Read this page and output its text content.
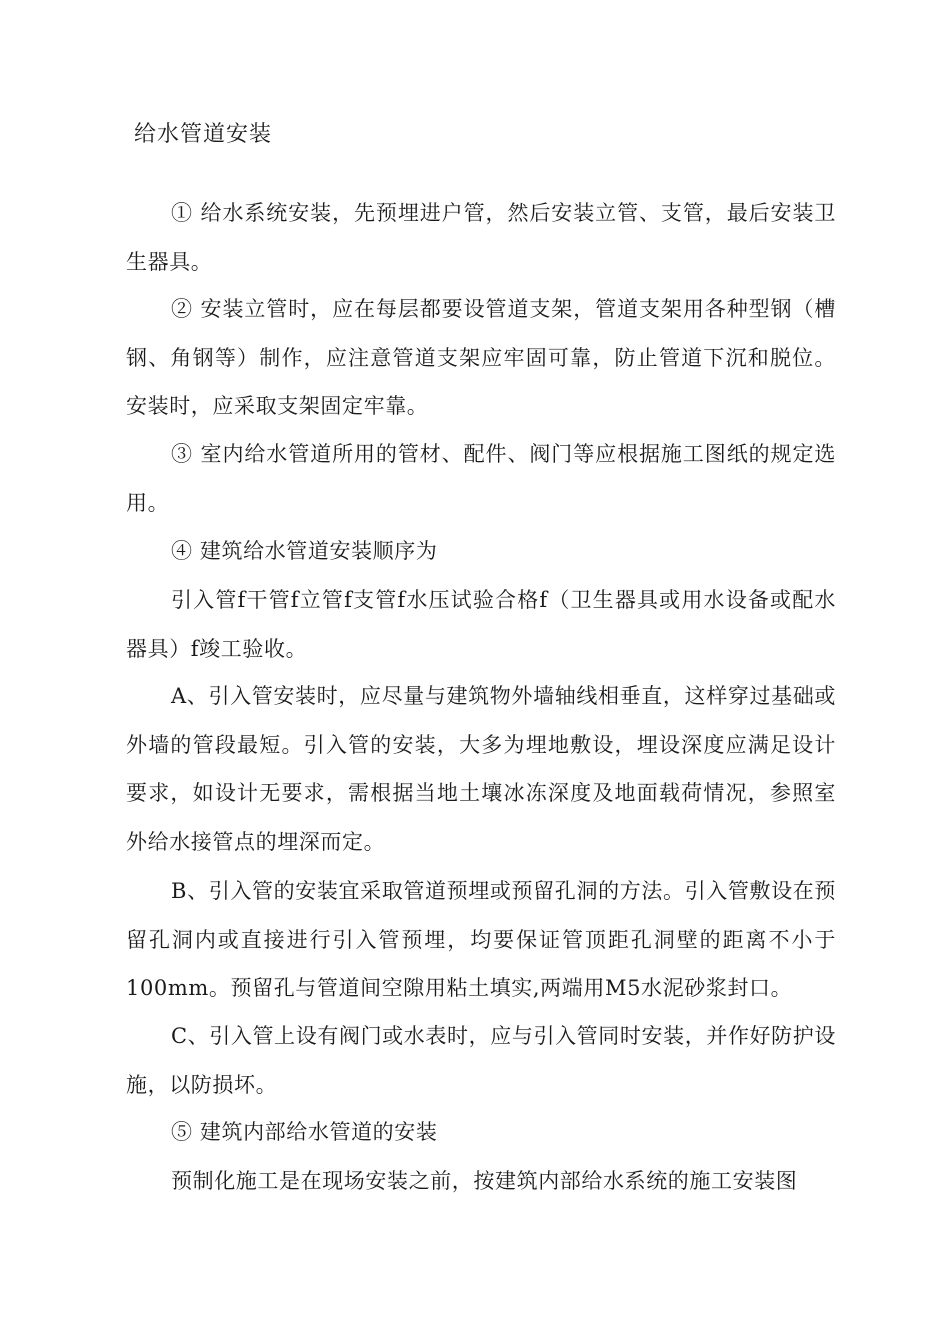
给水管道安装

① 给水系统安装，先预埋进户管，然后安装立管、支管，最后安装卫生器具。

② 安装立管时，应在每层都要设管道支架，管道支架用各种型钢（槽钢、角钢等）制作，应注意管道支架应牢固可靠，防止管道下沉和脱位。安装时，应采取支架固定牢靠。

③ 室内给水管道所用的管材、配件、阀门等应根据施工图纸的规定选用。

④ 建筑给水管道安装顺序为

引入管f干管f立管f支管f水压试验合格f（卫生器具或用水设备或配水器具）f竣工验收。

A、引入管安装时，应尽量与建筑物外墙轴线相垂直，这样穿过基础或外墙的管段最短。引入管的安装，大多为埋地敷设，埋设深度应满足设计要求，如设计无要求，需根据当地土壤冰冻深度及地面载荷情况，参照室外给水接管点的埋深而定。

B、引入管的安装宜采取管道预埋或预留孔洞的方法。引入管敷设在预留孔洞内或直接进行引入管预埋，均要保证管顶距孔洞壁的距离不小于100mm。预留孔与管道间空隙用粘土填实,两端用M5水泥砂浆封口。

C、引入管上设有阀门或水表时，应与引入管同时安装，并作好防护设施，以防损坏。

⑤ 建筑内部给水管道的安装

预制化施工是在现场安装之前，按建筑内部给水系统的施工安装图
